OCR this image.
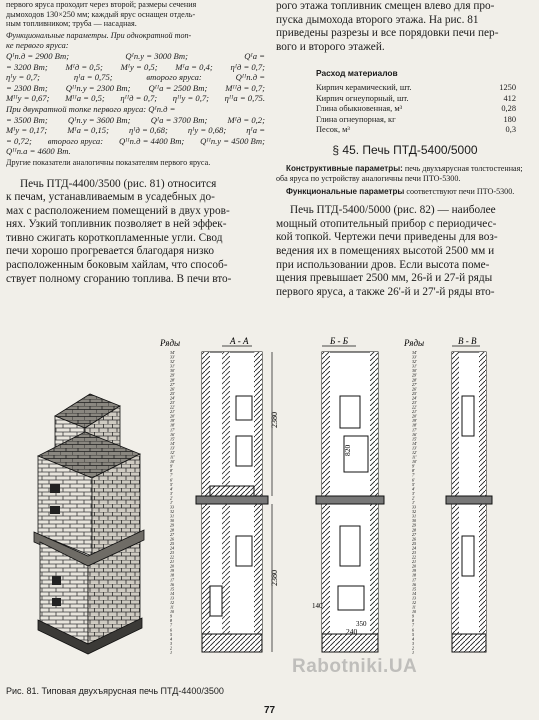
первого яруса проходит через второй; размеры сечения

дымоходов 130×250 мм; каждый ярус оснащен отдель-

ным топливником; труба — насадная.

Функциональные параметры. При однократной топ-

ке первого яруса:
Qᴵп.д = 2900 Вт;	Qᴵп.у = 3000 Вт;	Qᴵа =
= 3200 Вт; Mᴵд = 0,5; Mᴵу = 0,5; Mᴵа = 0,4; ηᴵд = 0,7;
ηᴵу = 0,7;	ηᴵа = 0,75;	второго яруса:	Qᴵᴵп.д =
= 2300 Вт; Qᴵᴵп.у = 2300 Вт; Qᴵᴵа = 2500 Вт; Mᴵᴵд = 0,7;
Mᴵᴵу = 0,67; Mᴵᴵа = 0,5; ηᴵᴵд = 0,7; ηᴵᴵу = 0,7; ηᴵᴵа = 0,75.
При двукратной топке первого яруса: Qᴵп.д =
= 3500 Вт; Qᴵп.у = 3600 Вт; Qᴵа = 3700 Вт; Mᴵд = 0,2;
Mᴵу = 0,17; Mᴵа = 0,15; ηᴵд = 0,68; ηᴵу = 0,68; ηᴵа =
= 0,72; второго яруса: Qᴵᴵп.д = 4400 Вт; Qᴵᴵп.у = 4500 Вт;
Qᴵᴵп.а = 4600 Вт.

Другие показатели аналогичны показателям первого яруса.

Печь ПТД-4400/3500 (рис. 81) относится

к печам, устанавливаемым в усадебных до-

мах с расположением помещений в двух уров-

нях. Узкий топливник позволяет в ней эффек-

тивно сжигать короткопламенные угли. Свод

печи хорошо прогревается благодаря низко

расположенным боковым хайлам, что способ-

ствует полному сгоранию топлива. В печи вто-

рого этажа топливник смещен влево для про-

пуска дымохода второго этажа. На рис. 81

приведены разрезы и все порядовки печи пер-

вого и второго этажей.

Расход материалов

Кирпич керамический, шт.	1250
Кирпич огнеупорный, шт.	412
Глина обыкновенная, м³	0,28
Глина огнеупорная, кг	180
Песок, м³	0,3

§ 45. Печь ПТД-5400/5000

Конструктивные параметры: печь двухъярусная толстостенная; оба яруса по устройству аналогичны печи ПТО-5300.

Функциональные параметры соответствуют печи ПТО-5300.

Печь ПТД-5400/5000 (рис. 82) — наиболее

мощный отопительный прибор с периодичес-

кой топкой. Чертежи печи приведены для воз-

ведения их в помещениях высотой 2500 мм и

при использовании дров. Если высота поме-

щения превышает 2500 мм, 26-й и 27-й ряды

первого яруса, а также 26'-й и 27'-й ряды вто-

Ряды
34'
33'
32'
31'
30'
29'
28'
27'
26'
25'
24'
23'
22'
21'
20'
19'
18'
17'
16'
15'
14'
13'
12'
11'
10'
9'
8'
7'
6'
5'
4'
3'
2'
1'
33
32
31
30
29
28
27
26
25
24
23
22
21
20
19
18
17
16
15
14
13
12
11
10
9
8
7
6
5
4
3
2
1
А - А
2380
2380
Б - Б
820
240
140
350
Ряды
34'
33'
32'
31'
30'
29'
28'
27'
26'
25'
24'
23'
22'
21'
20'
19'
18'
17'
16'
15'
14'
13'
12'
11'
10'
9'
8'
7'
6'
5'
4'
3'
2'
1'
33
32
31
30
29
28
27
26
25
24
23
22
21
20
19
18
17
16
15
14
13
12
11
10
9
8
7
6
5
4
3
2
1
В - В
Rabotniki.UA
Рис. 81. Типовая двухъярусная печь ПТД-4400/3500
77
